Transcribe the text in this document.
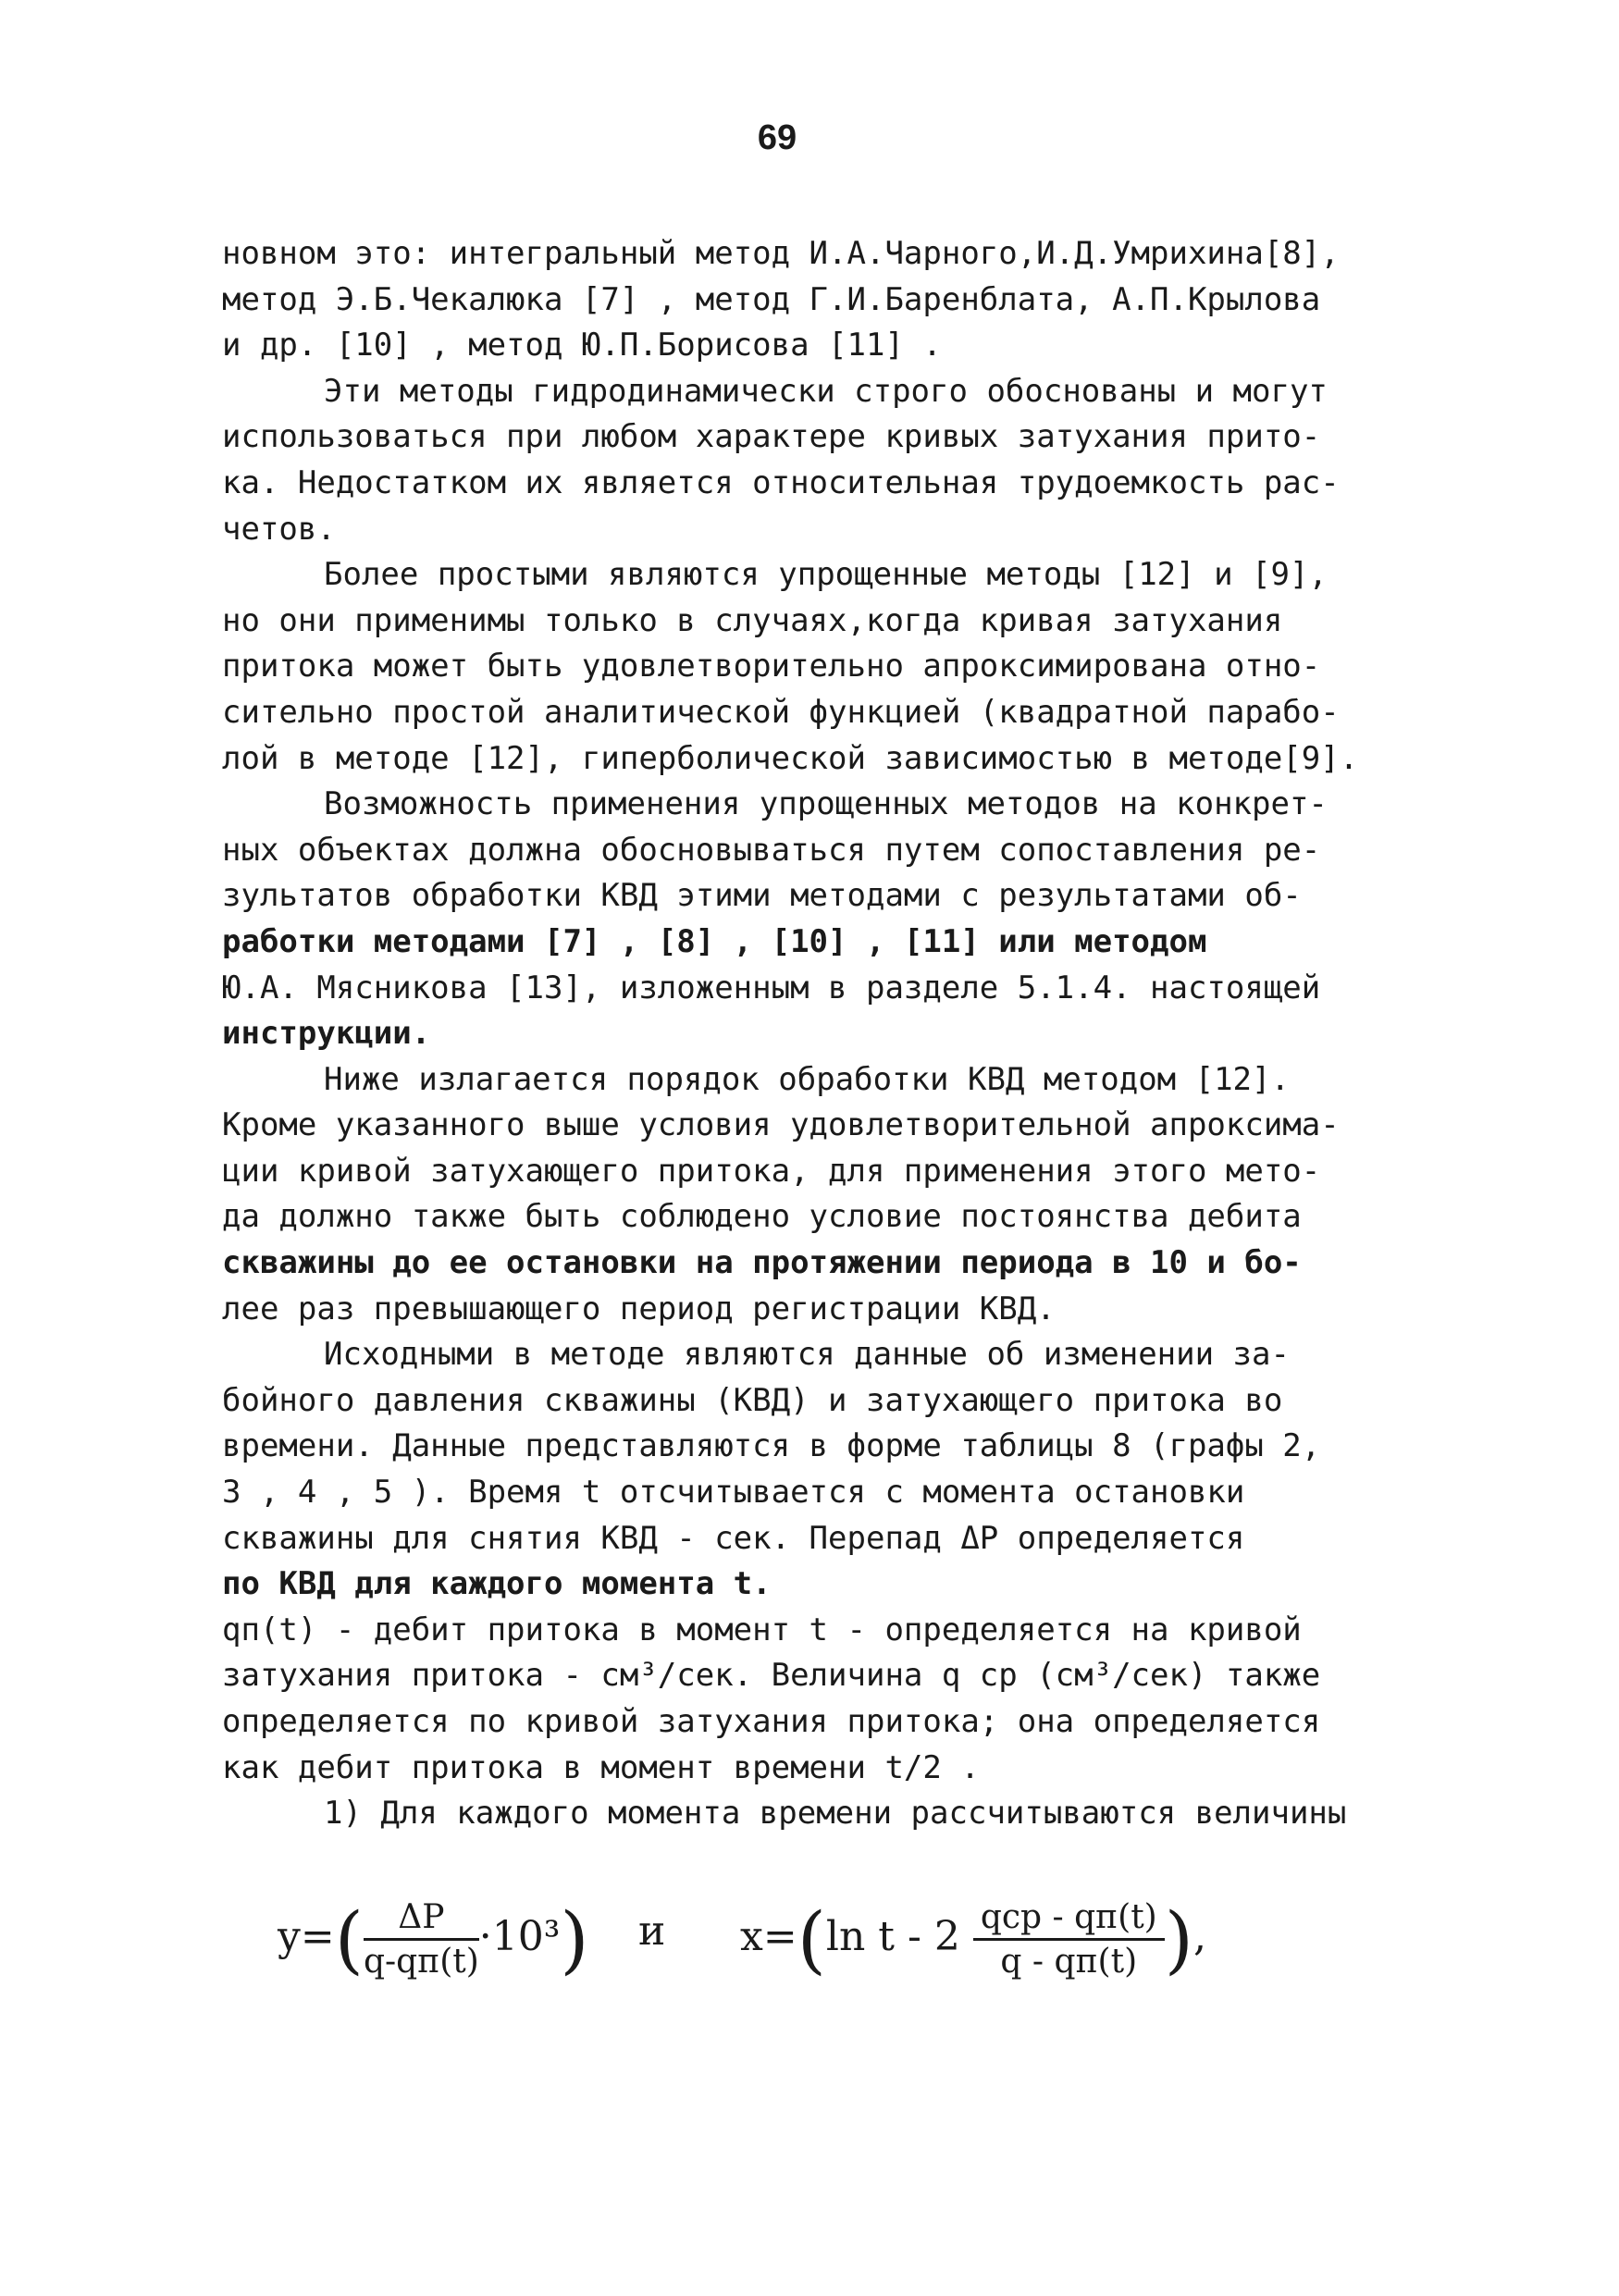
69
новном это: интегральный метод И.А.Чарного,И.Д.Умрихина[8],
метод Э.Б.Чекалюка [7] , метод Г.И.Баренблата, А.П.Крылова
и др. [10] , метод Ю.П.Борисова [11] .
Эти методы гидродинамически строго обоснованы и могут
использоваться при любом характере кривых затухания прито-
ка. Недостатком их является относительная трудоемкость рас-
четов.
Более простыми являются упрощенные методы [12] и [9],
но они применимы только в случаях,когда кривая затухания
притока может быть удовлетворительно апроксимирована отно-
сительно простой аналитической функцией (квадратной парабо-
лой в методе [12], гиперболической зависимостью в методе[9].
Возможность применения упрощенных методов на конкрет-
ных объектах должна обосновываться путем сопоставления ре-
зультатов обработки КВД этими методами с результатами об-
работки методами [7] , [8] , [10] , [11] или методом
Ю.А. Мясникова [13], изложенным в разделе 5.1.4. настоящей
инструкции.
Ниже излагается порядок обработки КВД методом [12].
Кроме указанного выше условия удовлетворительной апроксима-
ции кривой затухающего притока, для применения этого мето-
да должно также быть соблюдено условие постоянства дебита
скважины до ее остановки на протяжении периода в 10 и бо-
лее раз превышающего период регистрации КВД.
Исходными в методе являются данные об изменении за-
бойного давления скважины (КВД) и затухающего притока во
времени. Данные представляются в форме таблицы 8 (графы 2,
3 , 4 , 5 ). Время t отсчитывается с момента остановки
скважины для снятия КВД - сек. Перепад ΔP определяется
по КВД для каждого момента t.
qп(t) - дебит притока в момент t - определяется на кривой
затухания притока - см³/сек. Величина q ср (см³/сек) также
определяется по кривой затухания притока; она определяется
как дебит притока в момент времени t/2 .
1) Для каждого момента времени рассчитываются величины
$y=( \frac{\Delta P}{q-qп(t)} \cdot 10^3)$ и x=(ln t - $2 \frac{\text{qср - qп(t)}}{q - qп(t)}$ ),
